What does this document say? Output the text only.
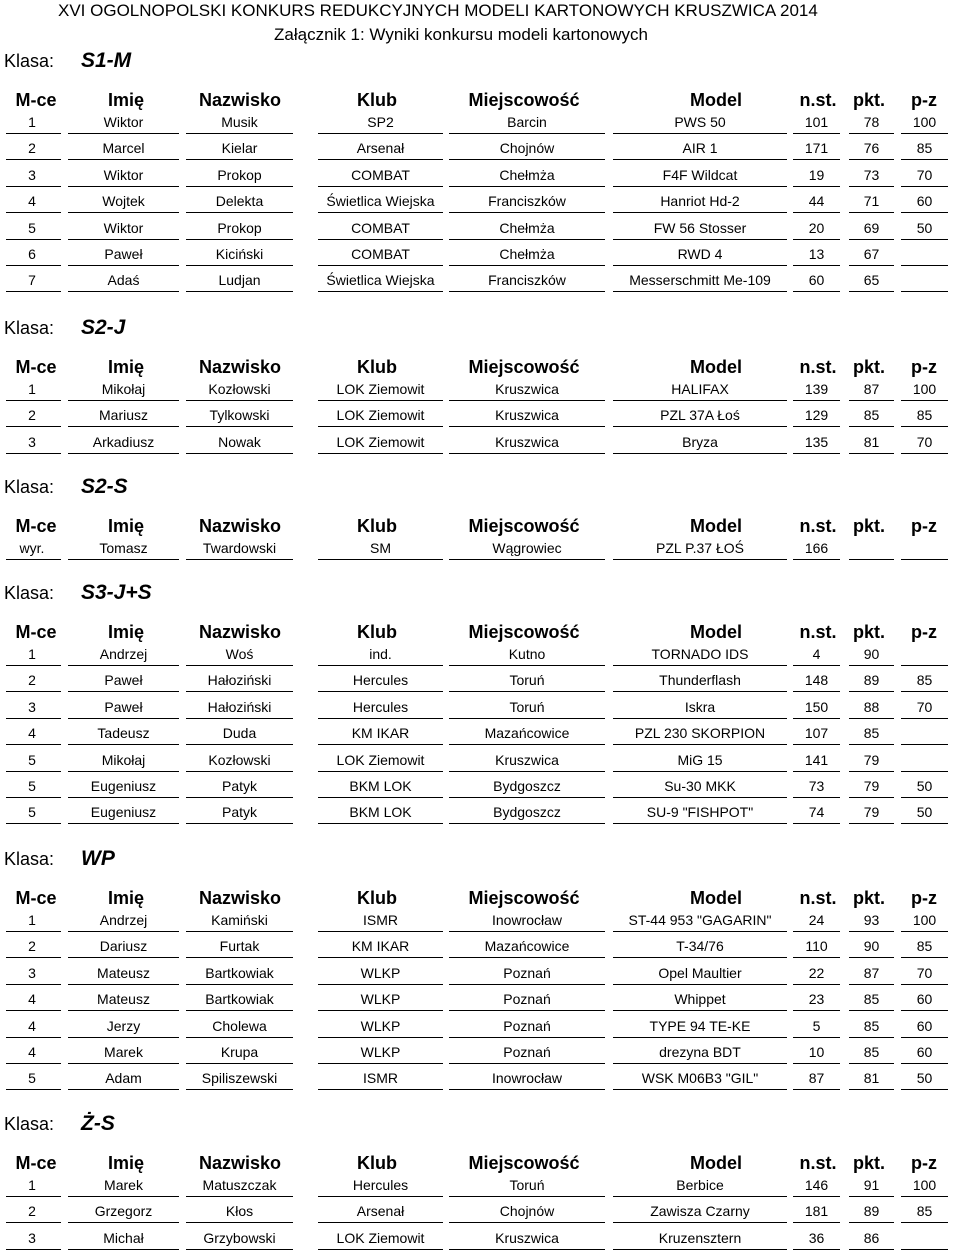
XVI OGOLNOPOLSKI KONKURS REDUKCYJNYCH MODELI KARTONOWYCH KRUSZWICA 2014
Załącznik 1: Wyniki konkursu modeli kartonowych
Klasa: S1-M
M-ce	Imię	Nazwisko	Klub	Miejscowość	Model	n.st. pkt. p-z
1	Wiktor	Musik	SP2	Barcin	PWS 50	101	78 100
2	Marcel	Kielar	Arsenał	Chojnów	AIR 1	171	76	85
3	Wiktor	Prokop	COMBAT	Chełmża	F4F Wildcat	19	73	70
4	Wojtek	Delekta	Świetlica Wiejska	Franciszków	Hanriot Hd-2	44	71	60
5	Wiktor	Prokop	COMBAT	Chełmża	FW 56 Stosser	20	69	50
6	Paweł	Kiciński	COMBAT	Chełmża	RWD 4	13	67
7	Adaś	Ludjan	Świetlica Wiejska	Franciszków	Messerschmitt Me-109	60	65
Klasa: S2-J
M-ce	Imię	Nazwisko	Klub	Miejscowość	Model	n.st. pkt. p-z
1	Mikołaj	Kozłowski	LOK Ziemowit	Kruszwica	HALIFAX	139	87 100
2	Mariusz	Tylkowski	LOK Ziemowit	Kruszwica	PZL 37A Łoś	129	85	85
3	Arkadiusz	Nowak	LOK Ziemowit	Kruszwica	Bryza	135	81	70
Klasa: S2-S
M-ce	Imię	Nazwisko	Klub	Miejscowość	Model	n.st. pkt. p-z
wyr.	Tomasz	Twardowski	SM	Wągrowiec	PZL P.37 ŁOŚ	166
Klasa: S3-J+S
M-ce	Imię	Nazwisko	Klub	Miejscowość	Model	n.st. pkt. p-z
1	Andrzej	Woś	ind.	Kutno	TORNADO IDS	4	90
2	Paweł	Hałoziński	Hercules	Toruń	Thunderflash	148	89	85
3	Paweł	Hałoziński	Hercules	Toruń	Iskra	150	88	70
4	Tadeusz	Duda	KM IKAR	Mazańcowice	PZL 230 SKORPION	107	85
5	Mikołaj	Kozłowski	LOK Ziemowit	Kruszwica	MiG 15	141	79
5	Eugeniusz	Patyk	BKM LOK	Bydgoszcz	Su-30 MKK	73	79	50
5	Eugeniusz	Patyk	BKM LOK	Bydgoszcz	SU-9 "FISHPOT"	74	79	50
Klasa: WP
M-ce	Imię	Nazwisko	Klub	Miejscowość	Model	n.st. pkt. p-z
1	Andrzej	Kamiński	ISMR	Inowrocław	ST-44 953 "GAGARIN"	24	93 100
2	Dariusz	Furtak	KM IKAR	Mazańcowice	T-34/76	110	90	85
3	Mateusz	Bartkowiak	WLKP	Poznań	Opel Maultier	22	87	70
4	Mateusz	Bartkowiak	WLKP	Poznań	Whippet	23	85	60
4	Jerzy	Cholewa	WLKP	Poznań	TYPE 94 TE-KE	5	85	60
4	Marek	Krupa	WLKP	Poznań	drezyna BDT	10	85	60
5	Adam	Spiliszewski	ISMR	Inowrocław	WSK M06B3 "GIL"	87	81	50
Klasa: Ż-S
M-ce	Imię	Nazwisko	Klub	Miejscowość	Model	n.st. pkt. p-z
1	Marek	Matuszczak	Hercules	Toruń	Berbice	146	91 100
2	Grzegorz	Kłos	Arsenał	Chojnów	Zawisza Czarny	181	89	85
3	Michał	Grzybowski	LOK Ziemowit	Kruszwica	Kruzensztern	36	86
